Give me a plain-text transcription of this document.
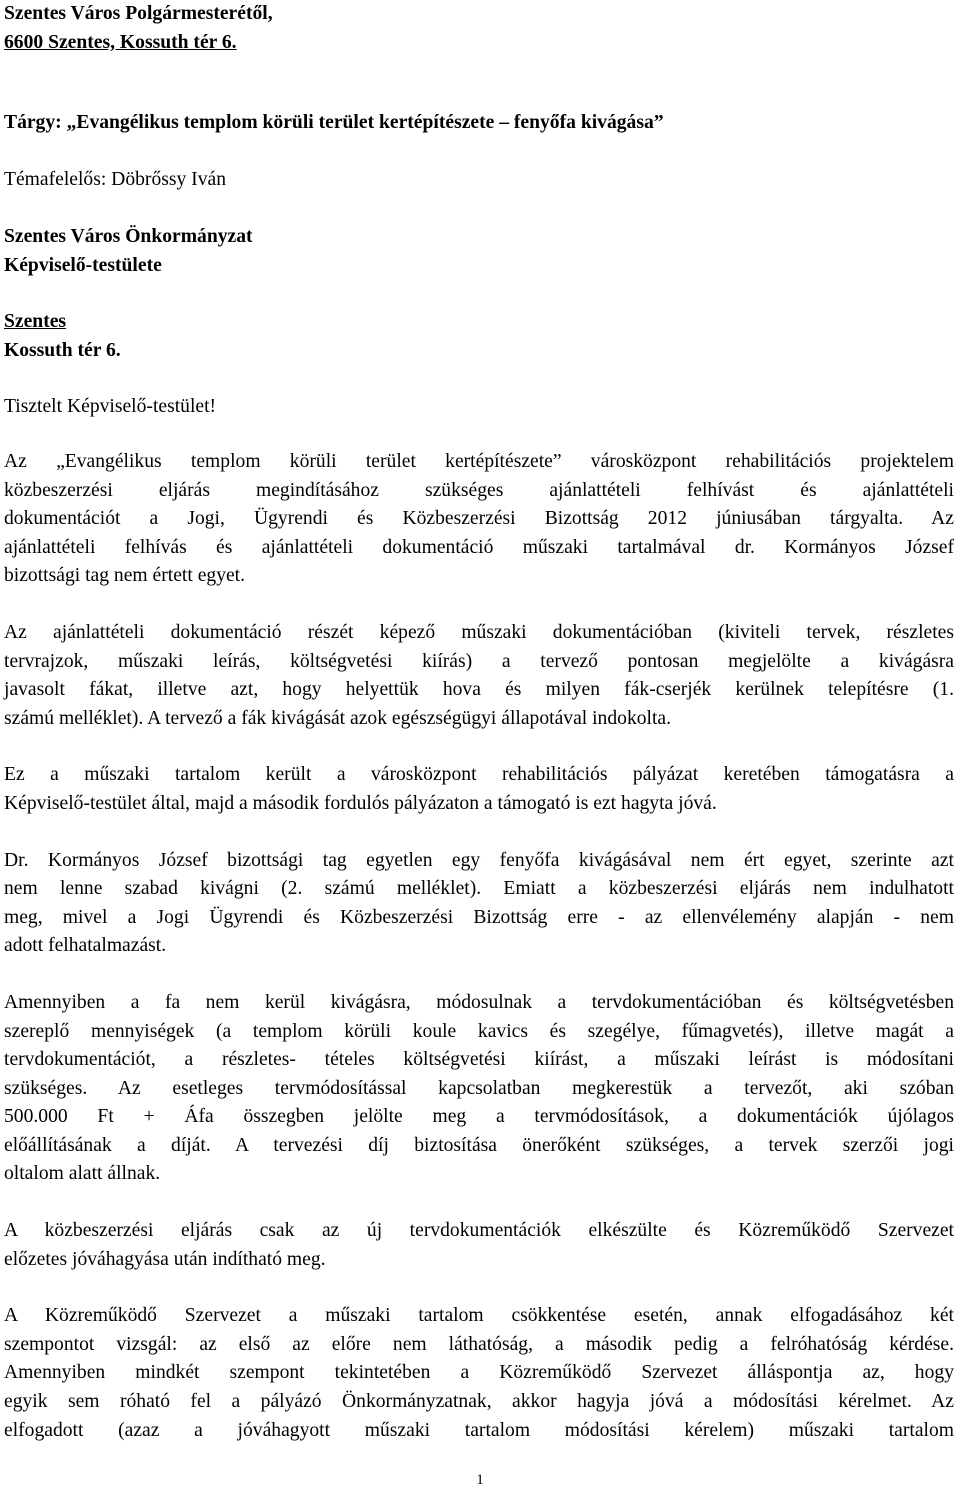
Szentes Város Polgármesterétől,
6600 Szentes, Kossuth tér 6.
Tárgy: „Evangélikus templom körüli terület kertépítészete – fenyőfa kivágása”
Témafelelős: Döbrőssy Iván
Szentes Város Önkormányzat
Képviselő-testülete
Szentes
Kossuth tér 6.
Tisztelt Képviselő-testület!
Az „Evangélikus templom körüli terület kertépítészete” városközpont rehabilitációs projektelem
közbeszerzési eljárás megindításához szükséges ajánlattételi felhívást és ajánlattételi
dokumentációt a Jogi, Ügyrendi és Közbeszerzési Bizottság 2012 júniusában tárgyalta. Az
ajánlattételi felhívás és ajánlattételi dokumentáció műszaki tartalmával dr. Kormányos József
bizottsági tag nem értett egyet.
Az ajánlattételi dokumentáció részét képező műszaki dokumentációban (kiviteli tervek, részletes
tervrajzok, műszaki leírás, költségvetési kiírás) a tervező pontosan megjelölte a kivágásra
javasolt fákat, illetve azt, hogy helyettük hova és milyen fák-cserjék kerülnek telepítésre (1.
számú melléklet). A tervező a fák kivágását azok egészségügyi állapotával indokolta.
Ez a műszaki tartalom került a városközpont rehabilitációs pályázat keretében támogatásra a
Képviselő-testület által, majd a második fordulós pályázaton a támogató is ezt hagyta jóvá.
Dr. Kormányos József bizottsági tag egyetlen egy fenyőfa kivágásával nem ért egyet, szerinte azt
nem lenne szabad kivágni (2. számú melléklet). Emiatt a közbeszerzési eljárás nem indulhatott
meg, mivel a Jogi Ügyrendi és Közbeszerzési Bizottság erre - az ellenvélemény alapján - nem
adott felhatalmazást.
Amennyiben a fa nem kerül kivágásra, módosulnak a tervdokumentációban és költségvetésben
szereplő mennyiségek (a templom körüli koule kavics és szegélye, fűmagvetés), illetve magát a
tervdokumentációt, a részletes- tételes költségvetési kiírást, a műszaki leírást is módosítani
szükséges. Az esetleges tervmódosítással kapcsolatban megkerestük a tervezőt, aki szóban
500.000 Ft + Áfa összegben jelölte meg a tervmódosítások, a dokumentációk újólagos
előállításának a díját. A tervezési díj biztosítása önerőként szükséges, a tervek szerzői jogi
oltalom alatt állnak.
A közbeszerzési eljárás csak az új tervdokumentációk elkészülte és Közreműködő Szervezet
előzetes jóváhagyása után indítható meg.
A Közreműködő Szervezet a műszaki tartalom csökkentése esetén, annak elfogadásához két
szempontot vizsgál: az első az előre nem láthatóság, a második pedig a felróhatóság kérdése.
Amennyiben mindkét szempont tekintetében a Közreműködő Szervezet álláspontja az, hogy
egyik sem róható fel a pályázó Önkormányzatnak, akkor hagyja jóvá a módosítási kérelmet. Az
elfogadott (azaz a jóváhagyott műszaki tartalom módosítási kérelem) műszaki tartalom
1
